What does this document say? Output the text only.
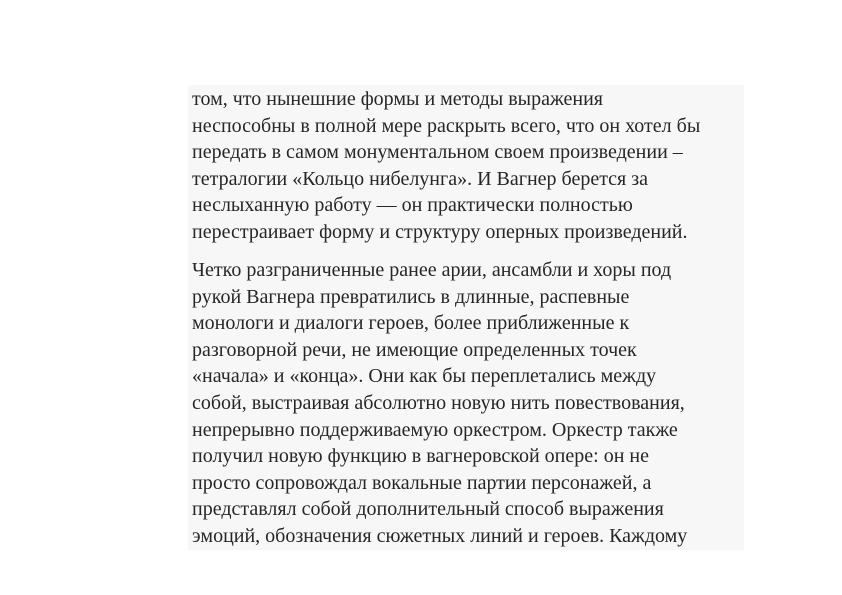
том, что нынешние формы и методы выражения
неспособны в полной мере раскрыть всего, что он хотел бы
передать в самом монументальном своем произведении –
тетралогии «Кольцо нибелунга». И Вагнер берется за
неслыханную работу — он практически полностью
перестраивает форму и структуру оперных произведений.

Четко разграниченные ранее арии, ансамбли и хоры под
рукой Вагнера превратились в длинные, распевные
монологи и диалоги героев, более приближенные к
разговорной речи, не имеющие определенных точек
«начала» и «конца». Они как бы переплетались между
собой, выстраивая абсолютно новую нить повествования,
непрерывно поддерживаемую оркестром. Оркестр также
получил новую функцию в вагнеровской опере: он не
просто сопровождал вокальные партии персонажей, а
представлял собой дополнительный способ выражения
эмоций, обозначения сюжетных линий и героев. Каждому
